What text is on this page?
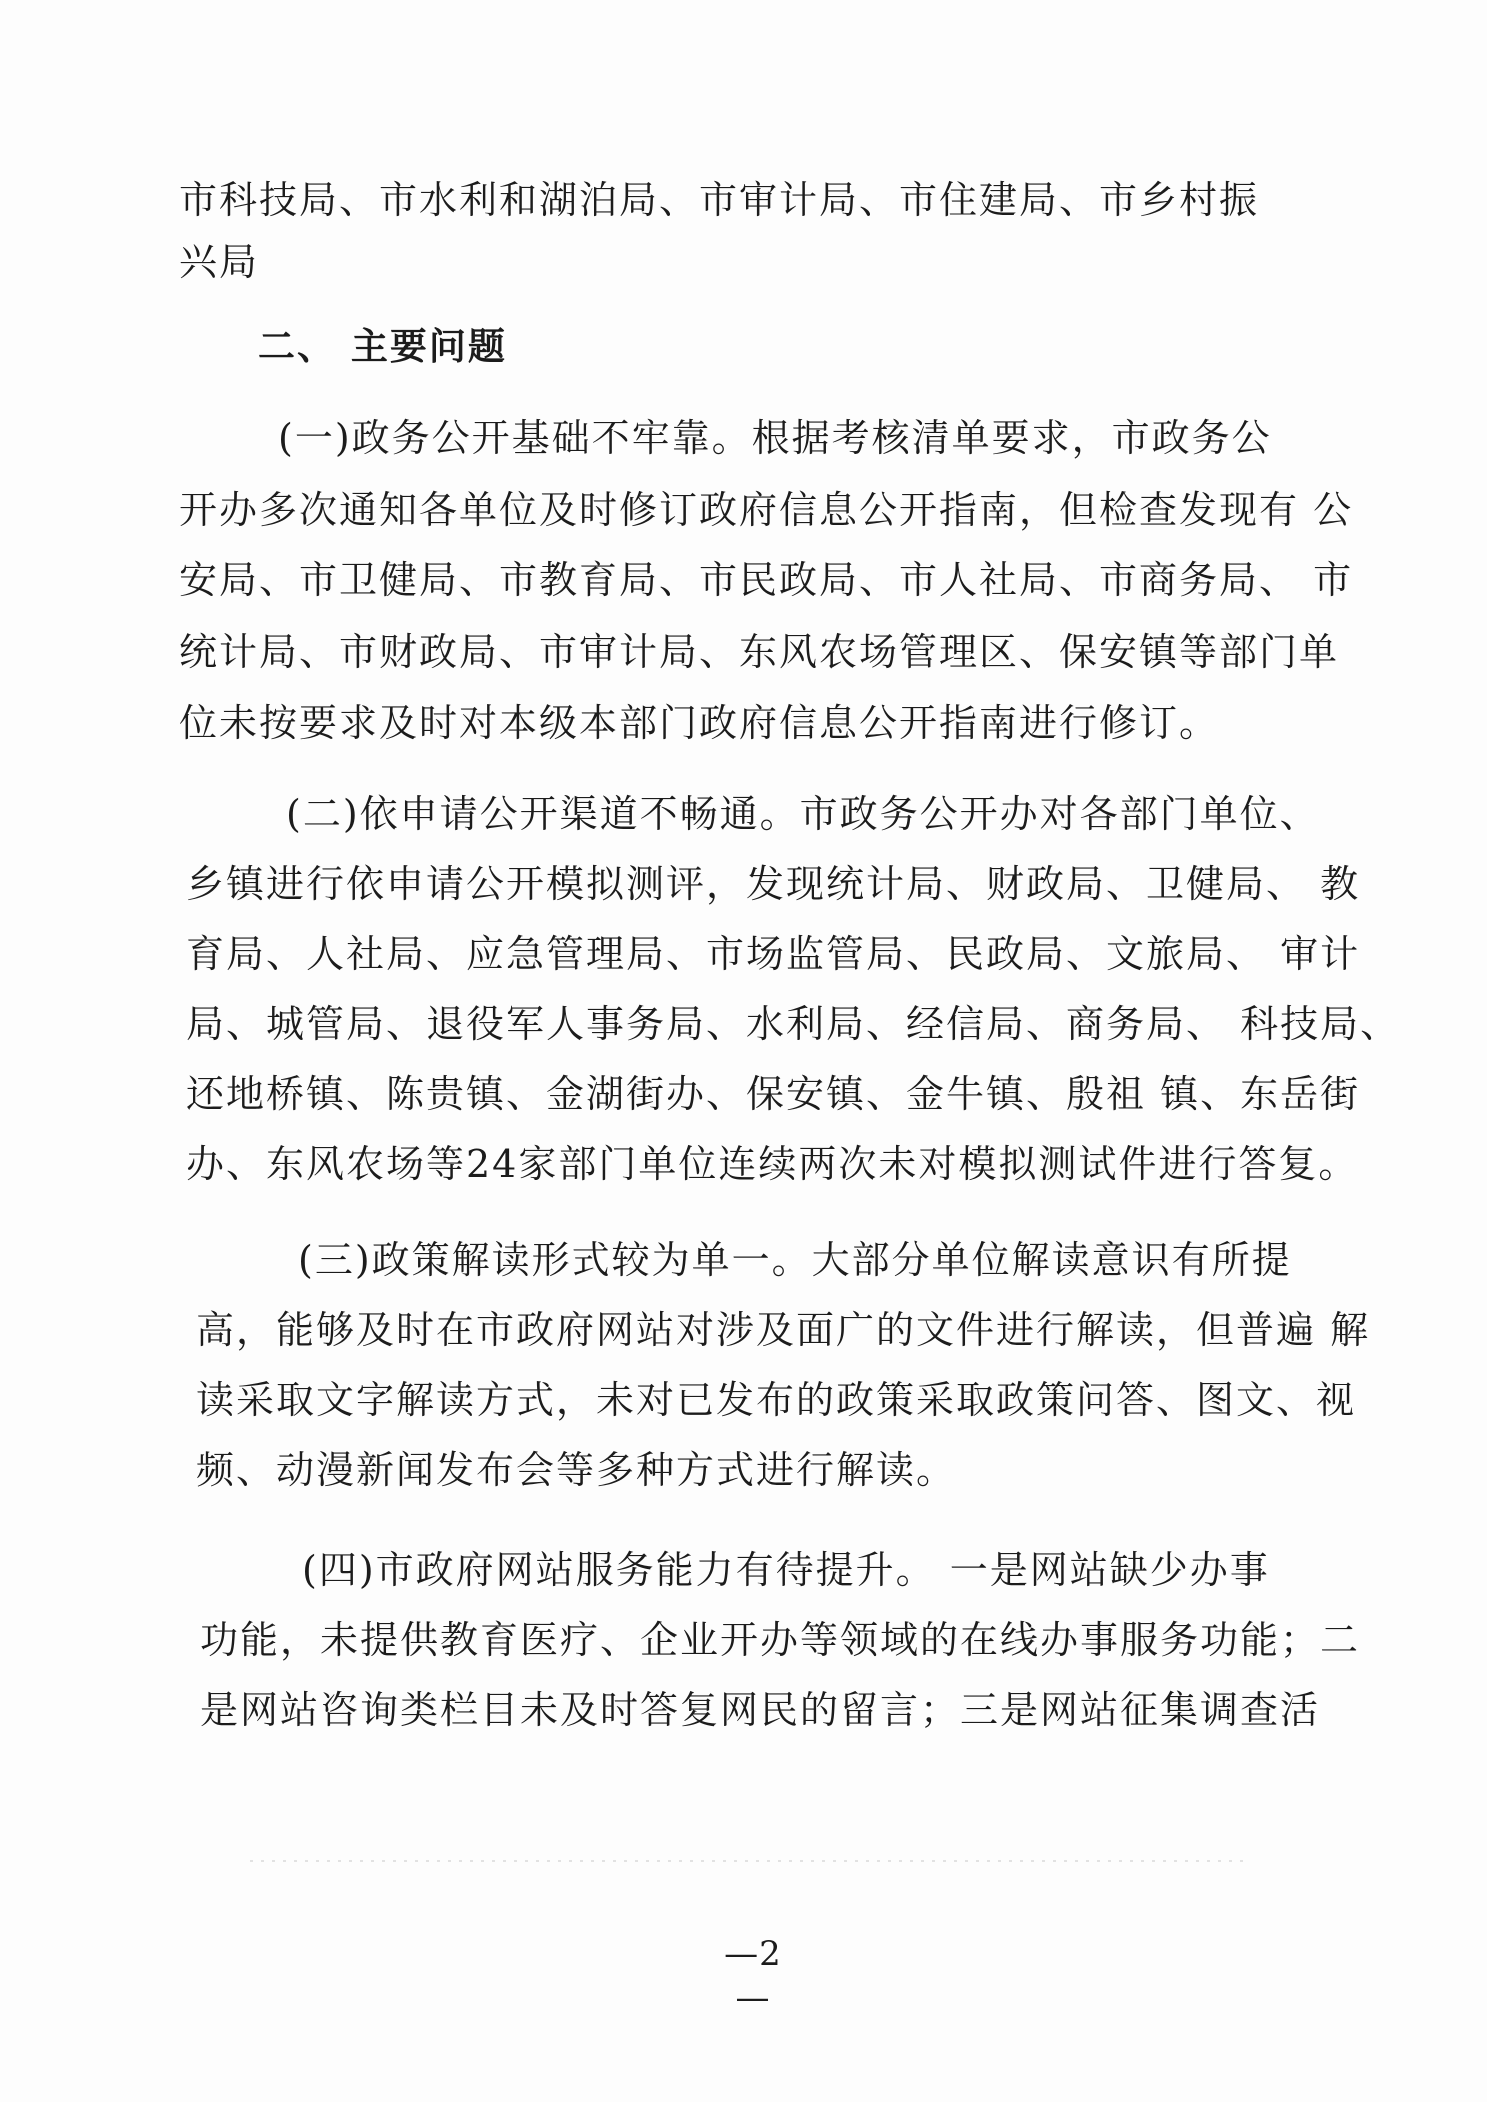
市科技局、市水利和湖泊局、市审计局、市住建局、市乡村振
兴局
二、 主要问题
(一)政务公开基础不牢靠。根据考核清单要求，市政务公
开办多次通知各单位及时修订政府信息公开指南，但检查发现有 公
安局、市卫健局、市教育局、市民政局、市人社局、市商务局、 市
统计局、市财政局、市审计局、东风农场管理区、保安镇等部门单
位未按要求及时对本级本部门政府信息公开指南进行修订。
(二)依申请公开渠道不畅通。市政务公开办对各部门单位、
乡镇进行依申请公开模拟测评，发现统计局、财政局、卫健局、 教
育局、人社局、应急管理局、市场监管局、民政局、文旅局、 审计
局、城管局、退役军人事务局、水利局、经信局、商务局、 科技局、
还地桥镇、陈贵镇、金湖街办、保安镇、金牛镇、殷祖 镇、东岳街
办、东风农场等24家部门单位连续两次未对模拟测试件进行答复。
(三)政策解读形式较为单一。大部分单位解读意识有所提
高，能够及时在市政府网站对涉及面广的文件进行解读，但普遍 解
读采取文字解读方式，未对已发布的政策采取政策问答、图文、视
频、动漫新闻发布会等多种方式进行解读。
(四)市政府网站服务能力有待提升。 一是网站缺少办事
功能，未提供教育医疗、企业开办等领域的在线办事服务功能；二
是网站咨询类栏目未及时答复网民的留言；三是网站征集调查活
—2—
